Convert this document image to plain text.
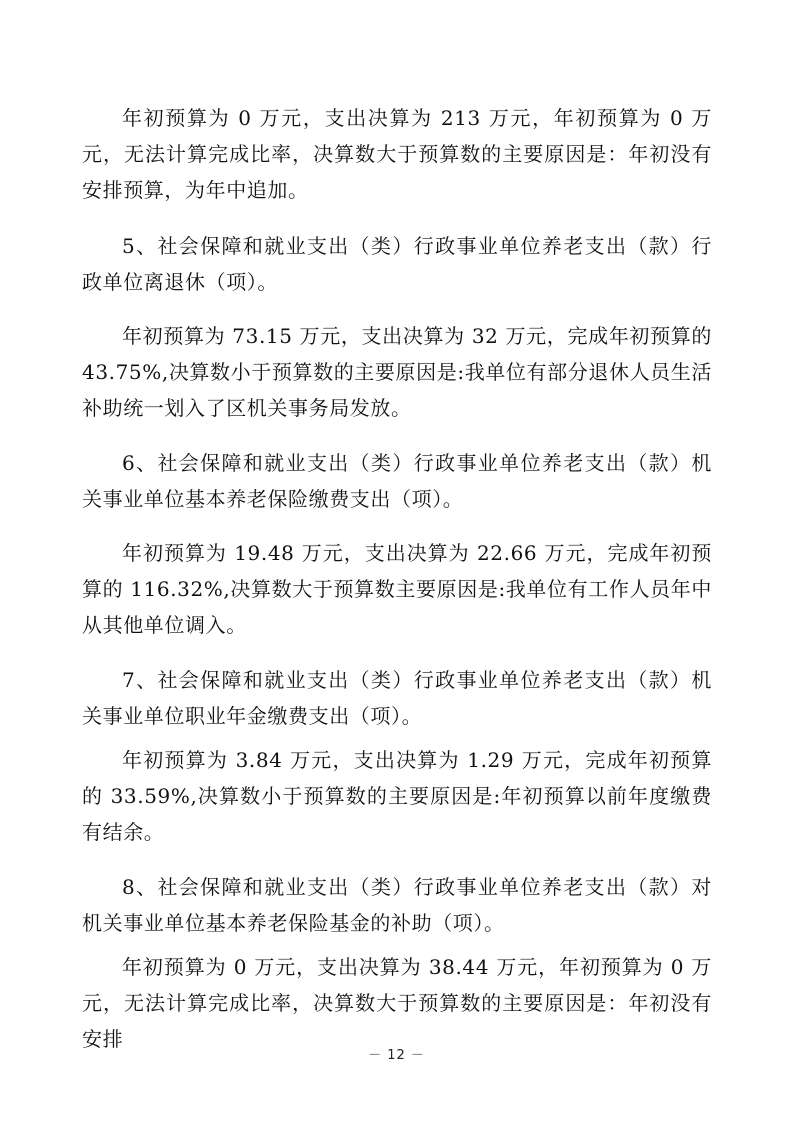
年初预算为 0 万元，支出决算为 213 万元，年初预算为 0 万元，无法计算完成比率，决算数大于预算数的主要原因是：年初没有安排预算，为年中追加。

5、社会保障和就业支出（类）行政事业单位养老支出（款）行政单位离退休（项）。

年初预算为 73.15 万元，支出决算为 32 万元，完成年初预算的 43.75%,决算数小于预算数的主要原因是:我单位有部分退休人员生活补助统一划入了区机关事务局发放。

6、社会保障和就业支出（类）行政事业单位养老支出（款）机关事业单位基本养老保险缴费支出（项）。

年初预算为 19.48 万元，支出决算为 22.66 万元，完成年初预算的 116.32%,决算数大于预算数主要原因是:我单位有工作人员年中从其他单位调入。

7、社会保障和就业支出（类）行政事业单位养老支出（款）机关事业单位职业年金缴费支出（项）。

年初预算为 3.84 万元，支出决算为 1.29 万元，完成年初预算的 33.59%,决算数小于预算数的主要原因是:年初预算以前年度缴费有结余。

8、社会保障和就业支出（类）行政事业单位养老支出（款）对机关事业单位基本养老保险基金的补助（项）。

年初预算为 0 万元，支出决算为 38.44 万元，年初预算为 0 万元，无法计算完成比率，决算数大于预算数的主要原因是：年初没有安排

－ 12 －
